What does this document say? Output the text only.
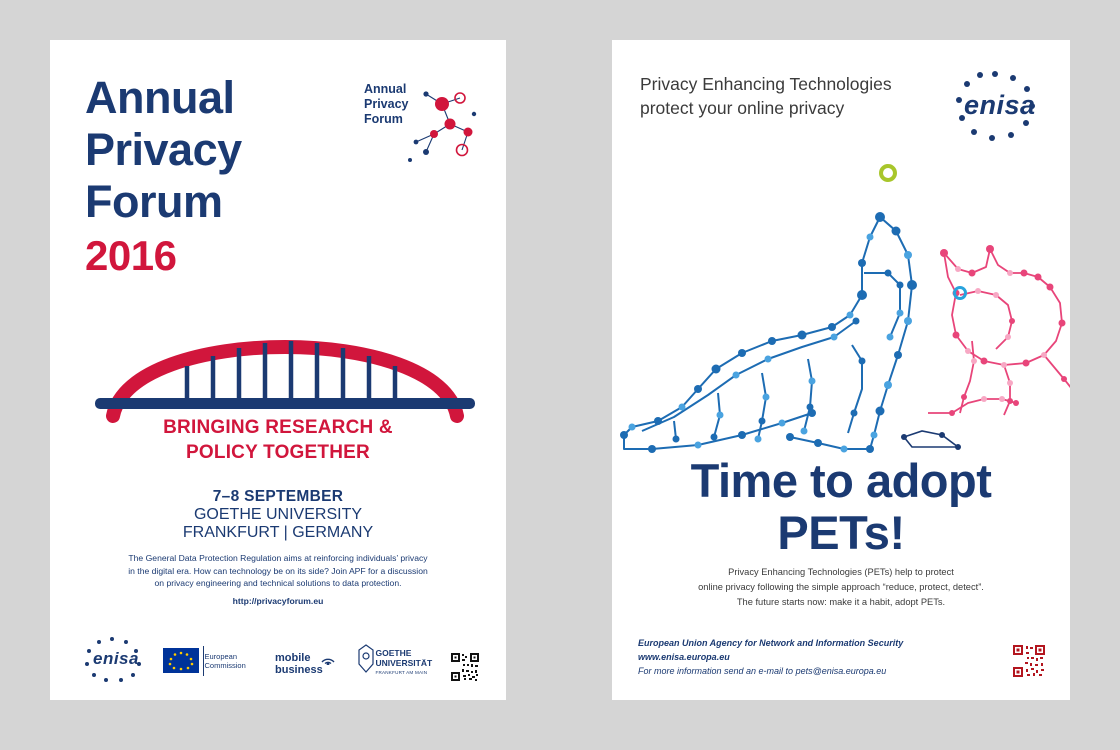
Annual
Privacy
Forum
2016
Annual
Privacy
Forum
BRINGING RESEARCH &
POLICY TOGETHER
7–8 SEPTEMBER
GOETHE UNIVERSITY
FRANKFURT | GERMANY
The General Data Protection Regulation aims at reinforcing individuals’ privacy
in the digital era. How can technology be on its side? Join APF for a discussion
on privacy engineering and technical solutions to data protection.
http://privacyforum.eu
enisa	European
Commission
mobile
business
GOETHE
UNIVERSITÄT
FRANKFURT AM MAIN
Privacy Enhancing Technologies
protect your online privacy	enisa
Time to adopt
PETs!
Privacy Enhancing Technologies (PETs) help to protect
online privacy following the simple approach “reduce, protect, detect”.
The future starts now: make it a habit, adopt PETs.
European Union Agency for Network and Information Security
www.enisa.europa.eu
For more information send an e-mail to pets@enisa.europa.eu
